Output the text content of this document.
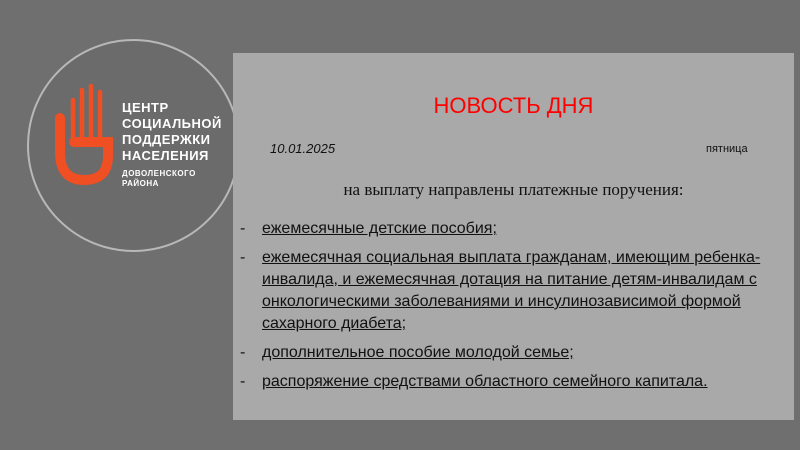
ЦЕНТР
СОЦИАЛЬНОЙ
ПОДДЕРЖКИ
НАСЕЛЕНИЯ
ДОВОЛЕНСКОГО
РАЙОНА
НОВОСТЬ ДНЯ
10.01.2025	пятница
на выплату направлены платежные поручения:
- ежемесячные детские пособия;
- ежемесячная социальная выплата гражданам, имеющим ребенка-инвалида, и ежемесячная дотация на питание детям-инвалидам с онкологическими заболеваниями и инсулинозависимой формой сахарного диабета;
- дополнительное пособие молодой семье;
- распоряжение средствами областного семейного капитала.
